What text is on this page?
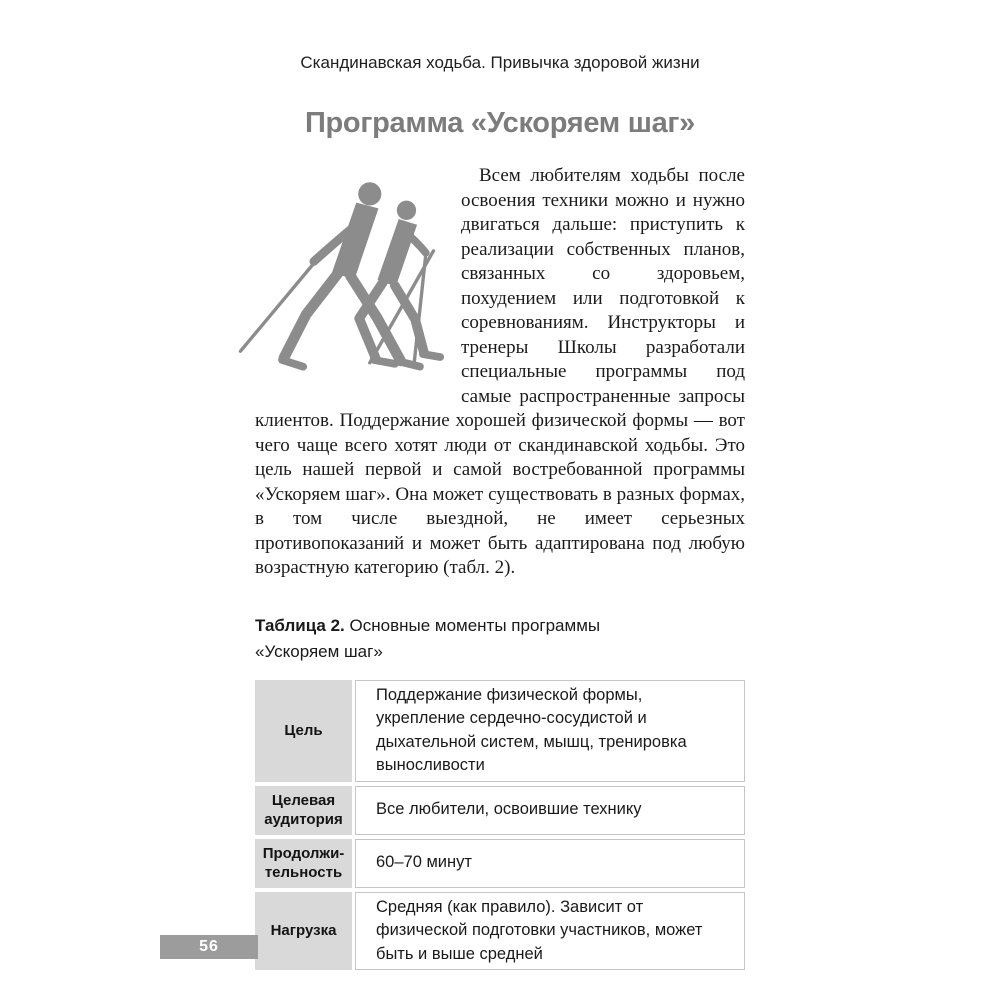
Скандинавская ходьба. Привычка здоровой жизни
Программа «Ускоряем шаг»
Всем любителям ходьбы после освоения техники можно и нужно двигаться дальше: приступить к реализации собственных планов, связанных со здоровьем, похудением или подготовкой к соревнованиям. Инструкторы и тренеры Школы разработали специальные программы под самые распространенные запросы клиентов. Поддержание хорошей физической формы — вот чего чаще всего хотят люди от скандинавской ходьбы. Это цель нашей первой и самой востребованной программы «Ускоряем шаг». Она может существовать в разных формах, в том числе выездной, не имеет серьезных противопоказаний и может быть адаптирована под любую возрастную категорию (табл. 2).
Таблица 2. Основные моменты программы
«Ускоряем шаг»
Цель
Поддержание физической формы, укрепление сердечно-сосудистой и дыхательной систем, мышц, тренировка выносливости
Целевая аудитория
Все любители, освоившие технику
Продолжительность
60–70 минут
Нагрузка
Средняя (как правило). Зависит от физической подготовки участников, может быть и выше средней
56
